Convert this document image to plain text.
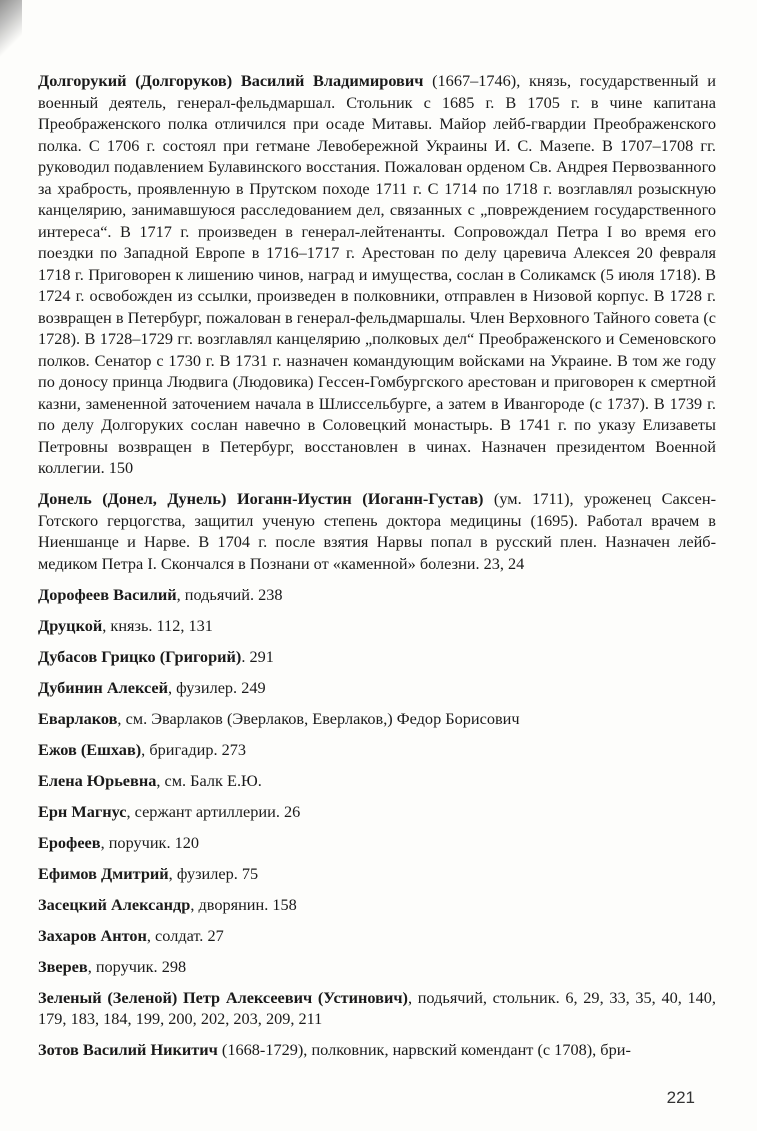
Долгорукий (Долгоруков) Василий Владимирович (1667–1746), князь, государственный и военный деятель, генерал-фельдмаршал. Стольник с 1685 г. В 1705 г. в чине капитана Преображенского полка отличился при осаде Митавы. Майор лейб-гвардии Преображенского полка. С 1706 г. состоял при гетмане Левобережной Украины И. С. Мазепе. В 1707–1708 гг. руководил подавлением Булавинского восстания. Пожалован орденом Св. Андрея Первозванного за храбрость, проявленную в Прутском походе 1711 г. С 1714 по 1718 г. возглавлял розыскную канцелярию, занимавшуюся расследованием дел, связанных с „повреждением государственного интереса“. В 1717 г. произведен в генерал-лейтенанты. Сопровождал Петра I во время его поездки по Западной Европе в 1716–1717 г. Арестован по делу царевича Алексея 20 февраля 1718 г. Приговорен к лишению чинов, наград и имущества, сослан в Соликамск (5 июля 1718). В 1724 г. освобожден из ссылки, произведен в полковники, отправлен в Низовой корпус. В 1728 г. возвращен в Петербург, пожалован в генерал-фельдмаршалы. Член Верховного Тайного совета (с 1728). В 1728–1729 гг. возглавлял канцелярию „полковых дел“ Преображенского и Семеновского полков. Сенатор с 1730 г. В 1731 г. назначен командующим войсками на Украине. В том же году по доносу принца Людвига (Людовика) Гессен-Гомбургского арестован и приговорен к смертной казни, замененной заточением начала в Шлиссельбурге, а затем в Ивангороде (с 1737). В 1739 г. по делу Долгоруких сослан навечно в Соловецкий монастырь. В 1741 г. по указу Елизаветы Петровны возвращен в Петербург, восстановлен в чинах. Назначен президентом Военной коллегии. 150

Донель (Донел, Дунель) Иоганн-Иустин (Иоганн-Густав) (ум. 1711), уроженец Саксен-Готского герцогства, защитил ученую степень доктора медицины (1695). Работал врачем в Ниеншанце и Нарве. В 1704 г. после взятия Нарвы попал в русский плен. Назначен лейб-медиком Петра I. Скончался в Познани от «каменной» болезни. 23, 24

Дорофеев Василий, подьячий. 238

Друцкой, князь. 112, 131

Дубасов Грицко (Григорий). 291

Дубинин Алексей, фузилер. 249

Еварлаков, см. Эварлаков (Эверлаков, Еверлаков,) Федор Борисович

Ежов (Ешхав), бригадир. 273

Елена Юрьевна, см. Балк Е.Ю.

Ерн Магнус, сержант артиллерии. 26

Ерофеев, поручик. 120

Ефимов Дмитрий, фузилер. 75

Засецкий Александр, дворянин. 158

Захаров Антон, солдат. 27

Зверев, поручик. 298

Зеленый (Зеленой) Петр Алексеевич (Устинович), подьячий, стольник. 6, 29, 33, 35, 40, 140, 179, 183, 184, 199, 200, 202, 203, 209, 211

Зотов Василий Никитич (1668-1729), полковник, нарвский комендант (с 1708), бри-

221
